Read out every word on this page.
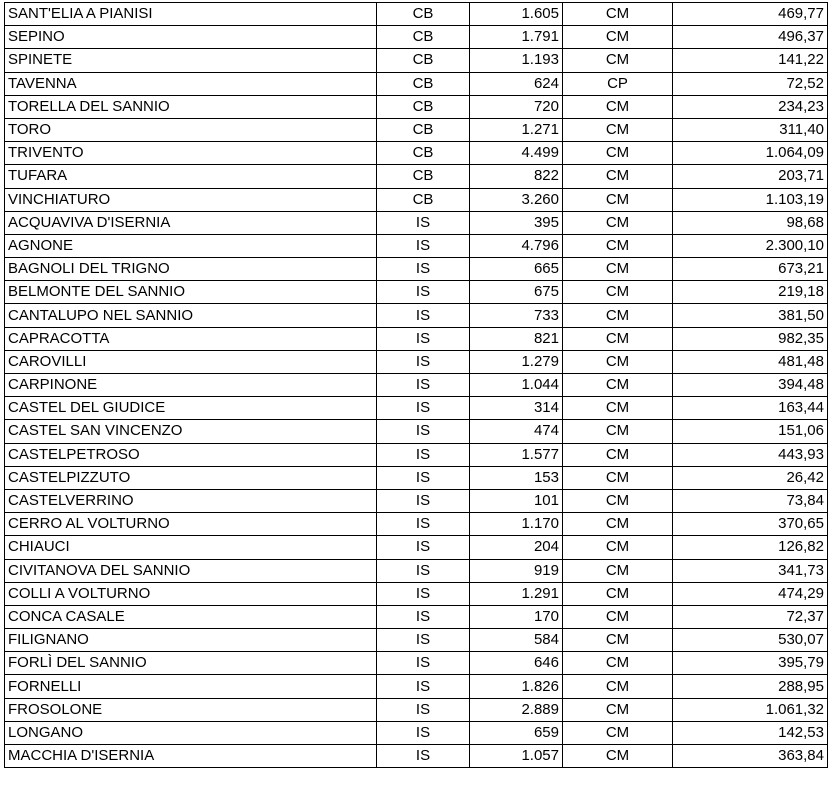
SANT'ELIA A PIANISI	CB	1.605	CM	469,77
SEPINO	CB	1.791	CM	496,37
SPINETE	CB	1.193	CM	141,22
TAVENNA	CB	624	CP	72,52
TORELLA DEL SANNIO	CB	720	CM	234,23
TORO	CB	1.271	CM	311,40
TRIVENTO	CB	4.499	CM	1.064,09
TUFARA	CB	822	CM	203,71
VINCHIATURO	CB	3.260	CM	1.103,19
ACQUAVIVA D'ISERNIA	IS	395	CM	98,68
AGNONE	IS	4.796	CM	2.300,10
BAGNOLI DEL TRIGNO	IS	665	CM	673,21
BELMONTE DEL SANNIO	IS	675	CM	219,18
CANTALUPO NEL SANNIO	IS	733	CM	381,50
CAPRACOTTA	IS	821	CM	982,35
CAROVILLI	IS	1.279	CM	481,48
CARPINONE	IS	1.044	CM	394,48
CASTEL DEL GIUDICE	IS	314	CM	163,44
CASTEL SAN VINCENZO	IS	474	CM	151,06
CASTELPETROSO	IS	1.577	CM	443,93
CASTELPIZZUTO	IS	153	CM	26,42
CASTELVERRINO	IS	101	CM	73,84
CERRO AL VOLTURNO	IS	1.170	CM	370,65
CHIAUCI	IS	204	CM	126,82
CIVITANOVA DEL SANNIO	IS	919	CM	341,73
COLLI A VOLTURNO	IS	1.291	CM	474,29
CONCA CASALE	IS	170	CM	72,37
FILIGNANO	IS	584	CM	530,07
FORLÌ DEL SANNIO	IS	646	CM	395,79
FORNELLI	IS	1.826	CM	288,95
FROSOLONE	IS	2.889	CM	1.061,32
LONGANO	IS	659	CM	142,53
MACCHIA D'ISERNIA	IS	1.057	CM	363,84
